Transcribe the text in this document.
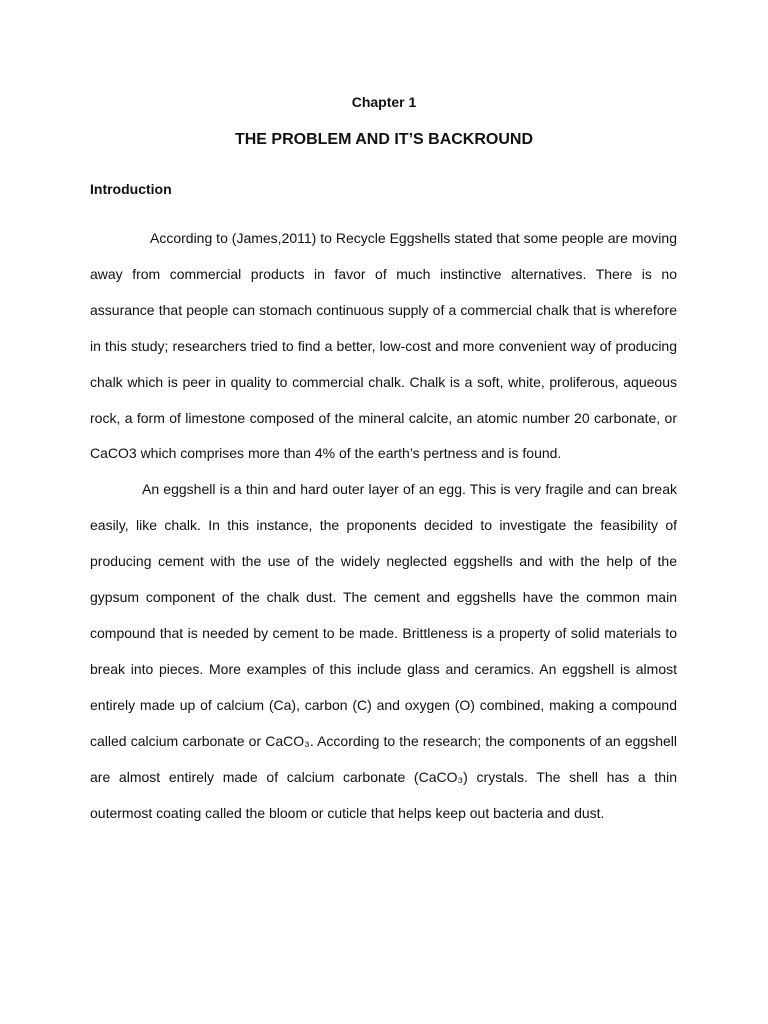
Chapter 1
THE PROBLEM AND IT’S BACKROUND
Introduction

According to (James,2011) to Recycle Eggshells stated that some people are moving away from commercial products in favor of much instinctive alternatives. There is no assurance that people can stomach continuous supply of a commercial chalk that is wherefore in this study; researchers tried to find a better, low-cost and more convenient way of producing chalk which is peer in quality to commercial chalk. Chalk is a soft, white, proliferous, aqueous rock, a form of limestone composed of the mineral calcite, an atomic number 20 carbonate, or CaCO3 which comprises more than 4% of the earth’s pertness and is found.

An eggshell is a thin and hard outer layer of an egg. This is very fragile and can break easily, like chalk. In this instance, the proponents decided to investigate the feasibility of producing cement with the use of the widely neglected eggshells and with the help of the gypsum component of the chalk dust. The cement and eggshells have the common main compound that is needed by cement to be made. Brittleness is a property of solid materials to break into pieces. More examples of this include glass and ceramics. An eggshell is almost entirely made up of calcium (Ca), carbon (C) and oxygen (O) combined, making a compound called calcium carbonate or CaCO₃. According to the research; the components of an eggshell are almost entirely made of calcium carbonate (CaCO₃) crystals. The shell has a thin outermost coating called the bloom or cuticle that helps keep out bacteria and dust.
